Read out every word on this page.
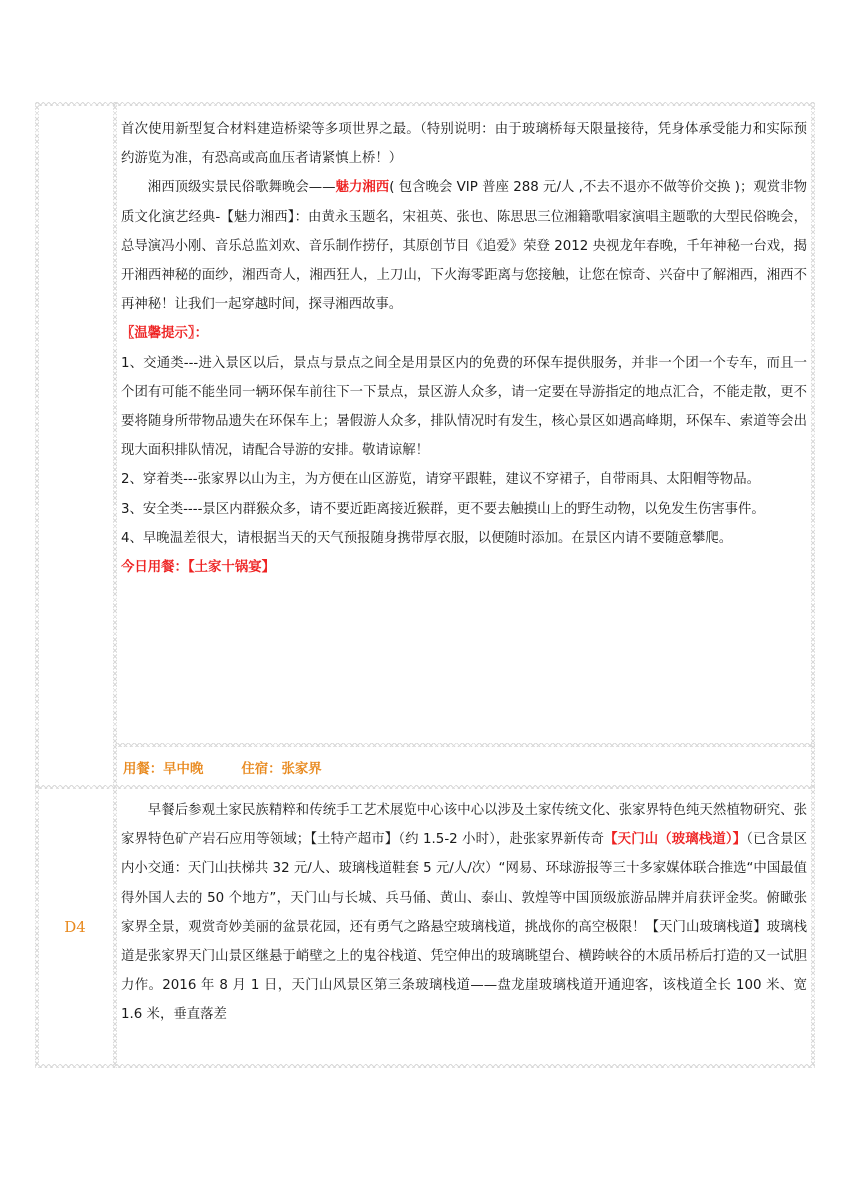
首次使用新型复合材料建造桥梁等多项世界之最。（特别说明：由于玻璃桥每天限量接待，凭身体承受能力和实际预约游览为准，有恐高或高血压者请紧慎上桥！）

湘西顶级实景民俗歌舞晚会——魅力湘西( 包含晚会 VIP 普座 288 元/人 ,不去不退亦不做等价交换 )；观赏非物质文化演艺经典-【魅力湘西】：由黄永玉题名，宋祖英、张也、陈思思三位湘籍歌唱家演唱主题歌的大型民俗晚会，总导演冯小刚、音乐总监刘欢、音乐制作捞仔，其原创节目《追爱》荣登 2012 央视龙年春晚，千年神秘一台戏，揭开湘西神秘的面纱，湘西奇人，湘西狂人，上刀山，下火海零距离与您接触，让您在惊奇、兴奋中了解湘西，湘西不再神秘！让我们一起穿越时间，探寻湘西故事。

〖温馨提示〗：

1、交通类---进入景区以后，景点与景点之间全是用景区内的免费的环保车提供服务，并非一个团一个专车，而且一个团有可能不能坐同一辆环保车前往下一下景点，景区游人众多，请一定要在导游指定的地点汇合，不能走散，更不要将随身所带物品遗失在环保车上；暑假游人众多，排队情况时有发生，核心景区如遇高峰期，环保车、索道等会出现大面积排队情况，请配合导游的安排。敬请谅解！

2、穿着类---张家界以山为主，为方便在山区游览，请穿平跟鞋，建议不穿裙子，自带雨具、太阳帽等物品。

3、安全类----景区内群猴众多，请不要近距离接近猴群，更不要去触摸山上的野生动物，以免发生伤害事件。

4、早晚温差很大，请根据当天的天气预报随身携带厚衣服，以便随时添加。在景区内请不要随意攀爬。

今日用餐：【土家十锅宴】

用餐：早中晚	住宿：张家界
D4

早餐后参观土家民族精粹和传统手工艺术展览中心该中心以涉及土家传统文化、张家界特色纯天然植物研究、张家界特色矿产岩石应用等领域；【土特产超市】（约 1.5-2 小时），赴张家界新传奇【天门山（玻璃栈道）】（已含景区内小交通：天门山扶梯共 32 元/人、玻璃栈道鞋套 5 元/人/次）“网易、环球游报等三十多家媒体联合推选“中国最值得外国人去的 50 个地方”，天门山与长城、兵马俑、黄山、泰山、敦煌等中国顶级旅游品牌并肩获评金奖。俯瞰张家界全景，观赏奇妙美丽的盆景花园，还有勇气之路悬空玻璃栈道，挑战你的高空极限！【天门山玻璃栈道】玻璃栈道是张家界天门山景区继悬于峭壁之上的鬼谷栈道、凭空伸出的玻璃眺望台、横跨峡谷的木质吊桥后打造的又一试胆力作。2016 年 8 月 1 日，天门山风景区第三条玻璃栈道——盘龙崖玻璃栈道开通迎客，该栈道全长 100 米、宽 1.6 米，垂直落差
